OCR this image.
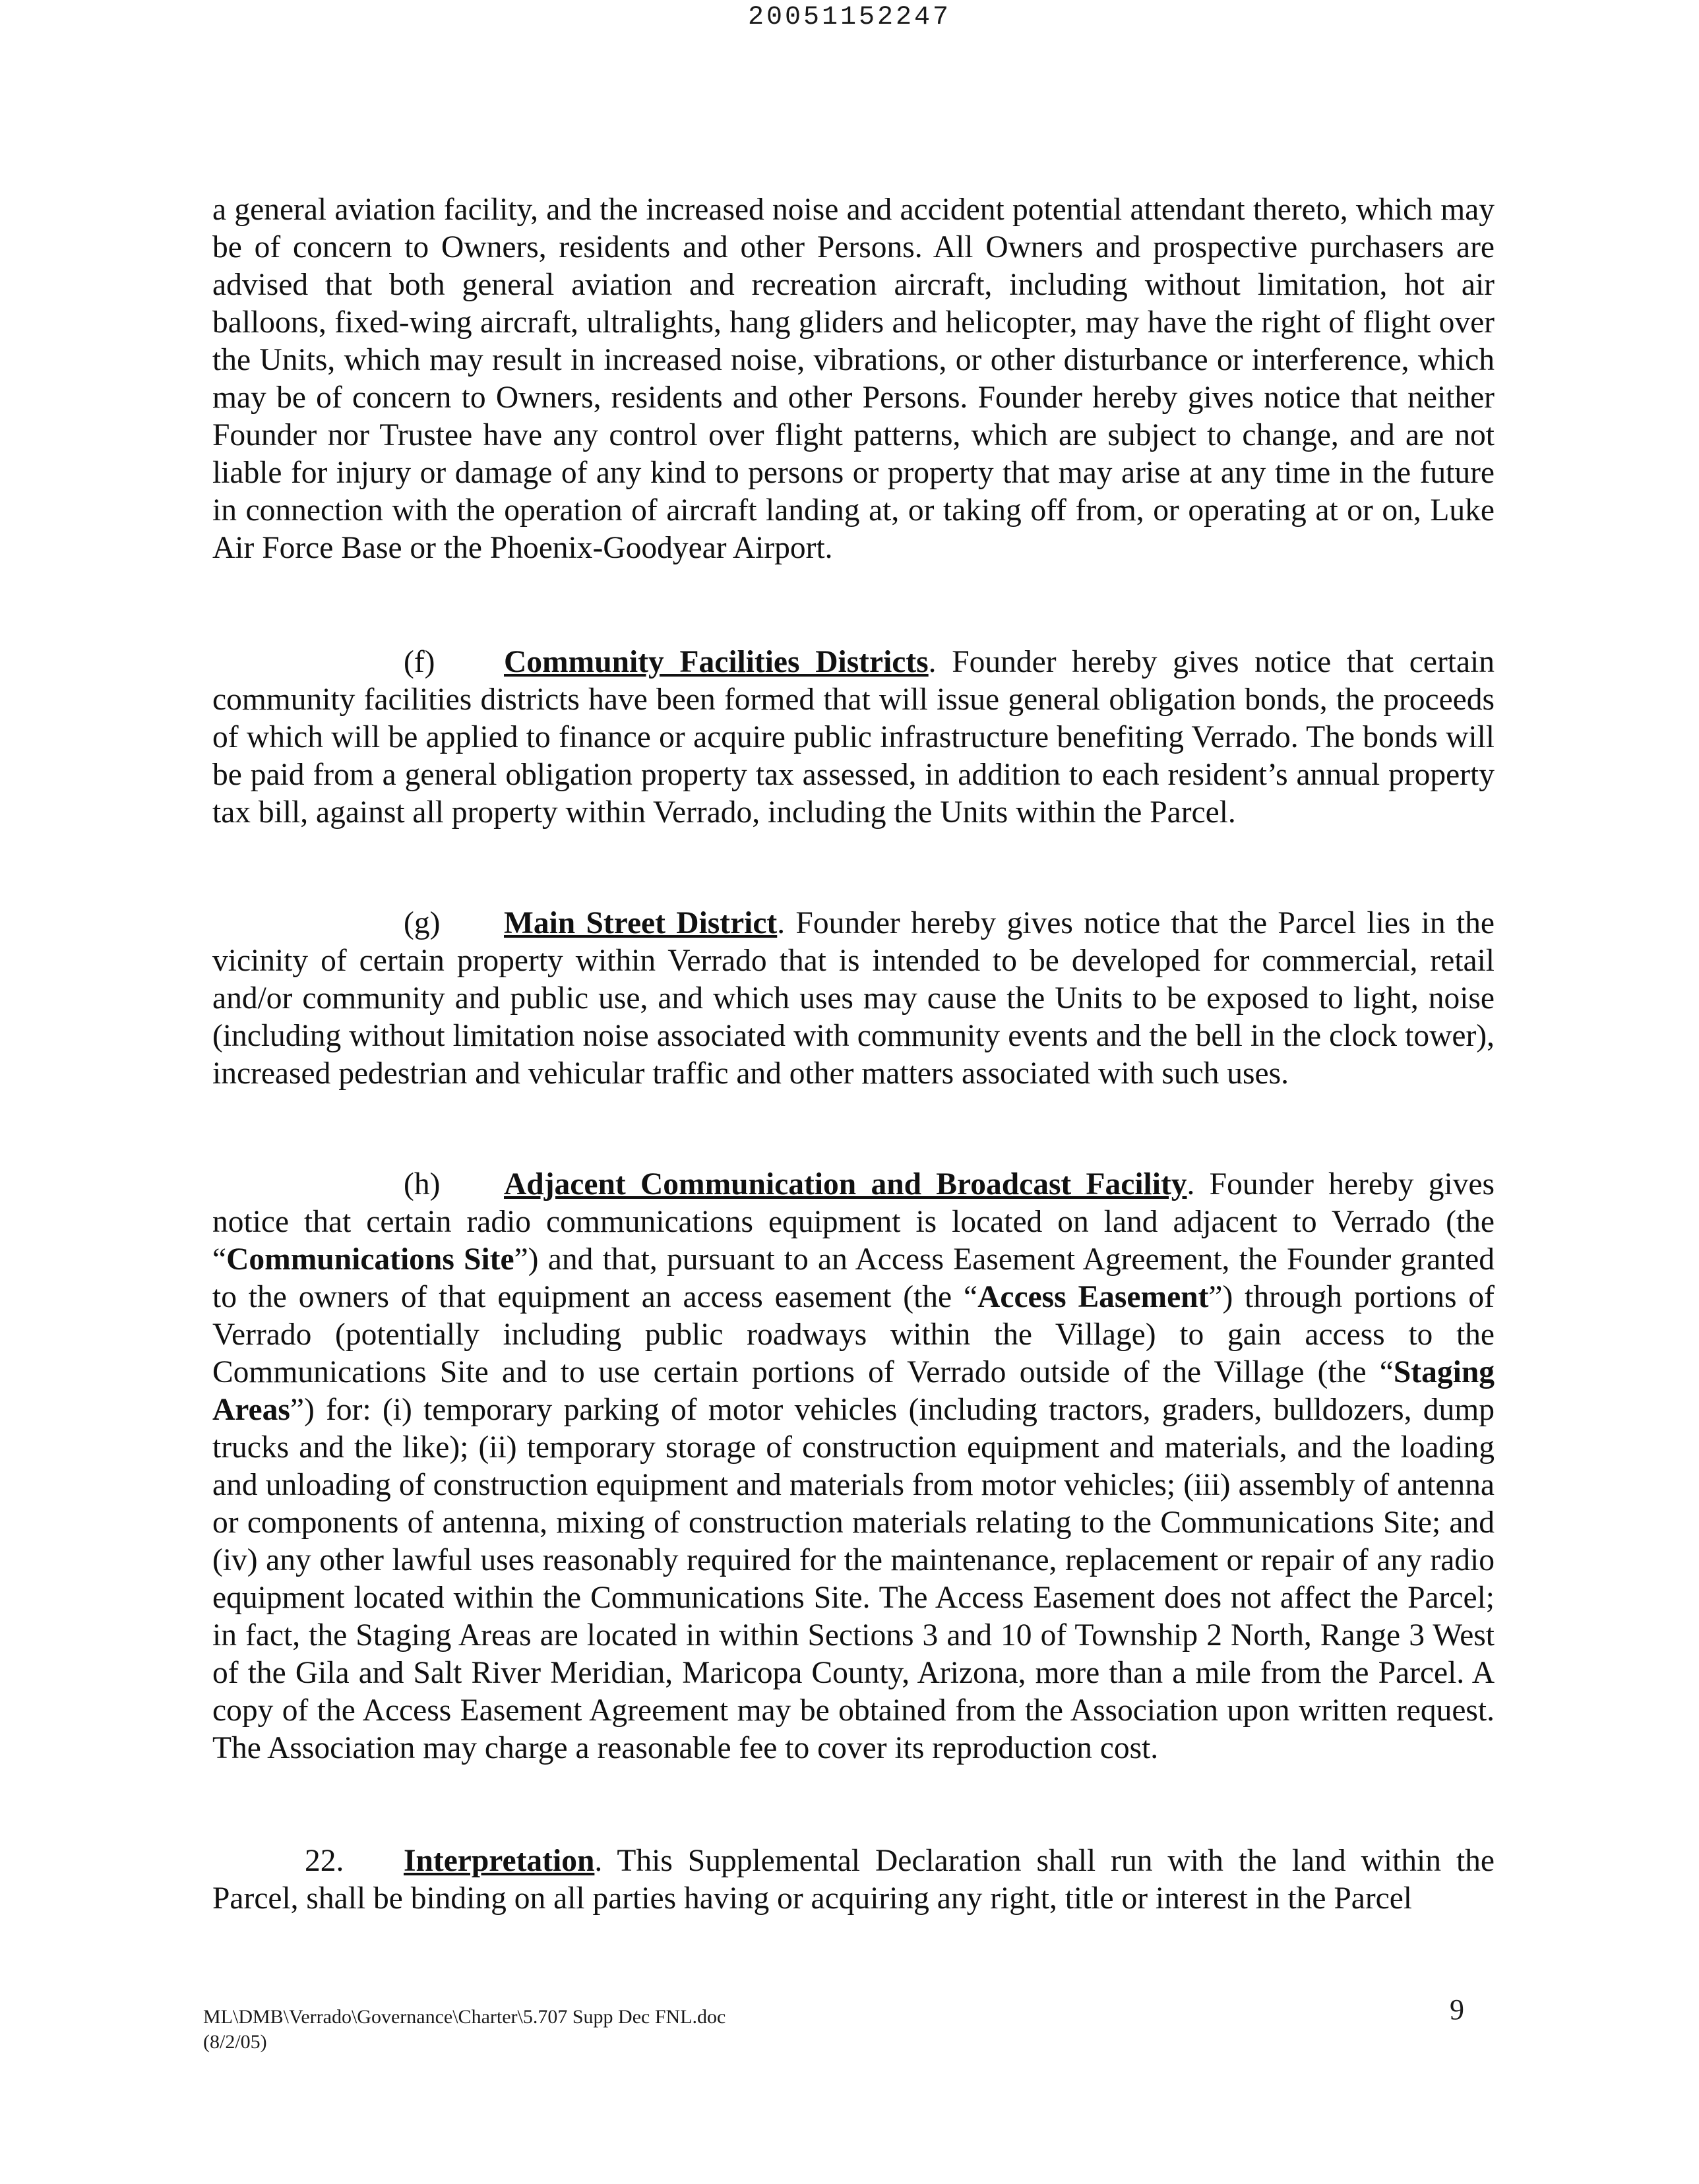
20051152247
a general aviation facility, and the increased noise and accident potential attendant thereto, which may be of concern to Owners, residents and other Persons. All Owners and prospective purchasers are advised that both general aviation and recreation aircraft, including without limitation, hot air balloons, fixed-wing aircraft, ultralights, hang gliders and helicopter, may have the right of flight over the Units, which may result in increased noise, vibrations, or other disturbance or interference, which may be of concern to Owners, residents and other Persons. Founder hereby gives notice that neither Founder nor Trustee have any control over flight patterns, which are subject to change, and are not liable for injury or damage of any kind to persons or property that may arise at any time in the future in connection with the operation of aircraft landing at, or taking off from, or operating at or on, Luke Air Force Base or the Phoenix-Goodyear Airport.
(f) Community Facilities Districts. Founder hereby gives notice that certain community facilities districts have been formed that will issue general obligation bonds, the proceeds of which will be applied to finance or acquire public infrastructure benefiting Verrado. The bonds will be paid from a general obligation property tax assessed, in addition to each resident’s annual property tax bill, against all property within Verrado, including the Units within the Parcel.
(g) Main Street District. Founder hereby gives notice that the Parcel lies in the vicinity of certain property within Verrado that is intended to be developed for commercial, retail and/or community and public use, and which uses may cause the Units to be exposed to light, noise (including without limitation noise associated with community events and the bell in the clock tower), increased pedestrian and vehicular traffic and other matters associated with such uses.
(h) Adjacent Communication and Broadcast Facility. Founder hereby gives notice that certain radio communications equipment is located on land adjacent to Verrado (the “Communications Site”) and that, pursuant to an Access Easement Agreement, the Founder granted to the owners of that equipment an access easement (the “Access Easement”) through portions of Verrado (potentially including public roadways within the Village) to gain access to the Communications Site and to use certain portions of Verrado outside of the Village (the “Staging Areas”) for: (i) temporary parking of motor vehicles (including tractors, graders, bulldozers, dump trucks and the like); (ii) temporary storage of construction equipment and materials, and the loading and unloading of construction equipment and materials from motor vehicles; (iii) assembly of antenna or components of antenna, mixing of construction materials relating to the Communications Site; and (iv) any other lawful uses reasonably required for the maintenance, replacement or repair of any radio equipment located within the Communications Site. The Access Easement does not affect the Parcel; in fact, the Staging Areas are located in within Sections 3 and 10 of Township 2 North, Range 3 West of the Gila and Salt River Meridian, Maricopa County, Arizona, more than a mile from the Parcel. A copy of the Access Easement Agreement may be obtained from the Association upon written request. The Association may charge a reasonable fee to cover its reproduction cost.
22. Interpretation. This Supplemental Declaration shall run with the land within the Parcel, shall be binding on all parties having or acquiring any right, title or interest in the Parcel
ML\DMB\Verrado\Governance\Charter\5.707 Supp Dec FNL.doc
(8/2/05)
9
